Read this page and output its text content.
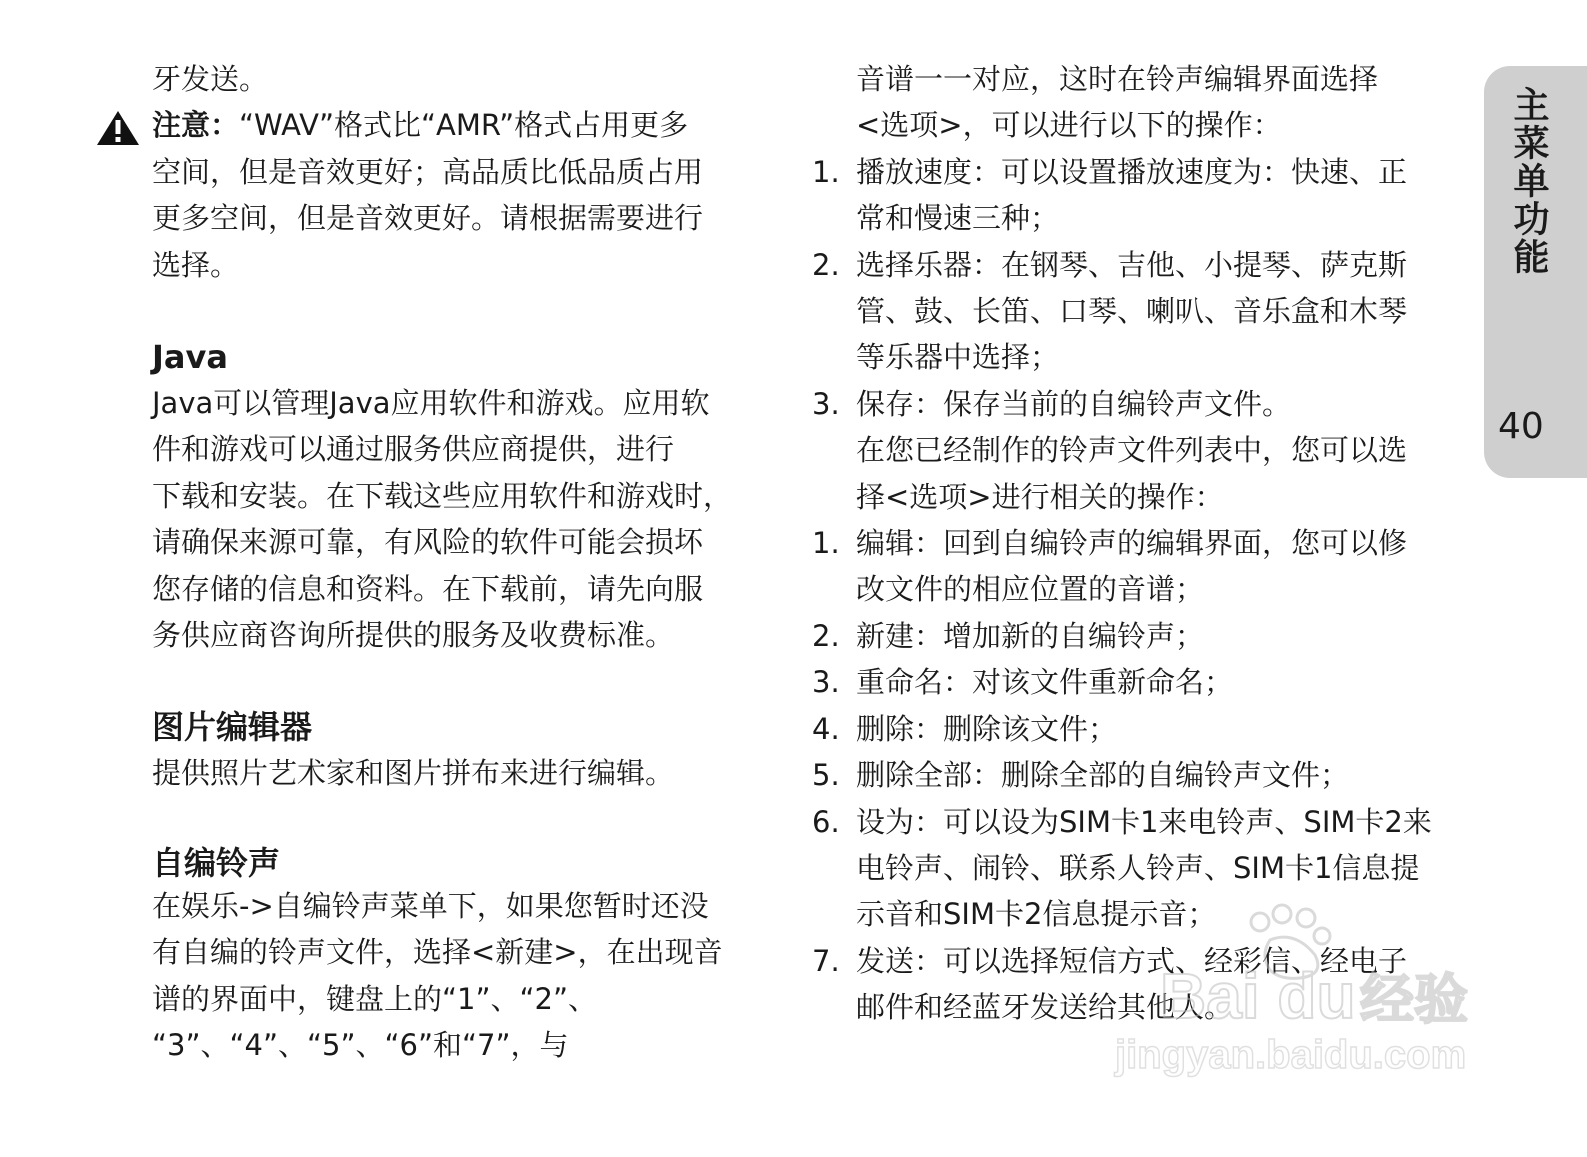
牙发送。

注意：“WAV”格式比“AMR”格式占用更多

空间，但是音效更好；高品质比低品质占用

更多空间，但是音效更好。请根据需要进行

选择。

Java

Java可以管理Java应用软件和游戏。应用软

件和游戏可以通过服务供应商提供，进行

下载和安装。在下载这些应用软件和游戏时，

请确保来源可靠，有风险的软件可能会损坏

您存储的信息和资料。在下载前，请先向服

务供应商咨询所提供的服务及收费标准。

图片编辑器

提供照片艺术家和图片拼布来进行编辑。

自编铃声

在娱乐->自编铃声菜单下，如果您暂时还没

有自编的铃声文件，选择<新建>，在出现音

谱的界面中，键盘上的“1”、“2”、

“3”、“4”、“5”、“6”和“7”，与

音谱一一对应，这时在铃声编辑界面选择

<选项>，可以进行以下的操作：

1. 播放速度：可以设置播放速度为：快速、正

常和慢速三种；

2. 选择乐器：在钢琴、吉他、小提琴、萨克斯

管、鼓、长笛、口琴、喇叭、音乐盒和木琴

等乐器中选择；

3. 保存：保存当前的自编铃声文件。

在您已经制作的铃声文件列表中，您可以选

择<选项>进行相关的操作：

1. 编辑：回到自编铃声的编辑界面，您可以修

改文件的相应位置的音谱；

2. 新建：增加新的自编铃声；

3. 重命名：对该文件重新命名；

4. 删除：删除该文件；

5. 删除全部：删除全部的自编铃声文件；

6. 设为：可以设为SIM卡1来电铃声、SIM卡2来

电铃声、闹铃、联系人铃声、SIM卡1信息提

示音和SIM卡2信息提示音；

7. 发送：可以选择短信方式、经彩信、经电子

邮件和经蓝牙发送给其他人。

主菜单功能
40
Bai du 经验
jingyan.baidu.com
